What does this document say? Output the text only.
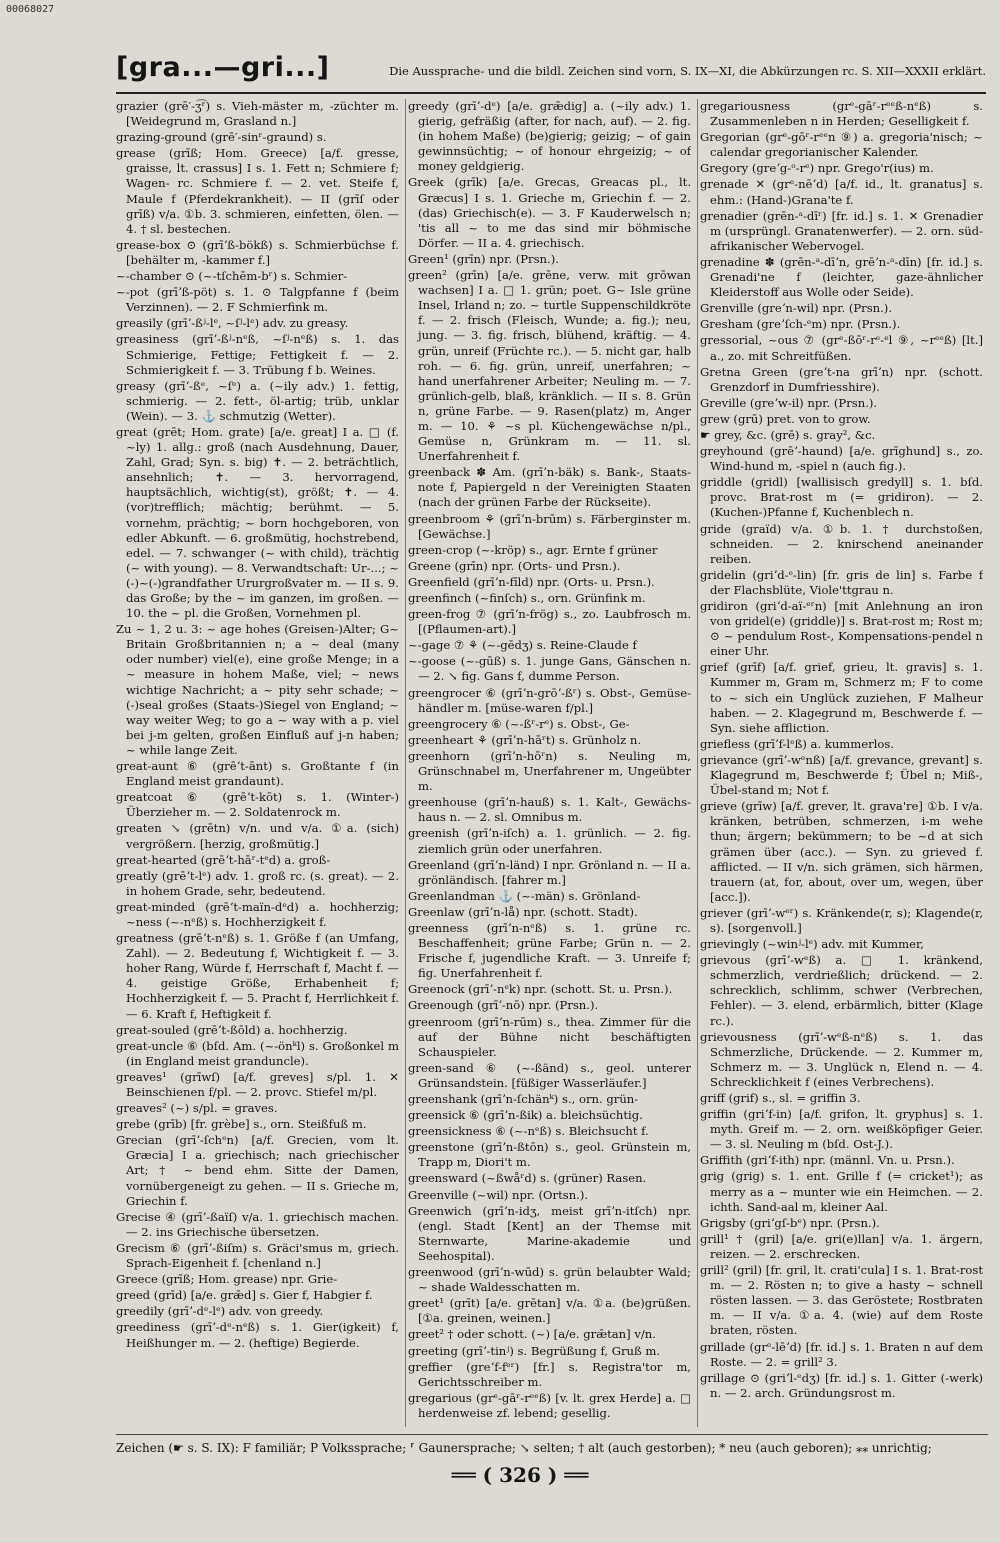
00068027
[gra...—gri...]	Die Aussprache- und die bildl. Zeichen sind vorn, S. IX—XI, die Abkürzungen rc. S. XII—XXXII erklärt.

grazier (grē′-ʒ͡ʳ) s. Vieh-mäster m, -züchter m. [Weidegrund m, Grasland n.]

grazing-ground (grē′-sinʳ-graund) s.

grease (grīß; Hom. Greece) [a/f. gresse, graisse, lt. crassus] I s. 1. Fett n; Schmiere f; Wagen- rc. Schmiere f. — 2. vet. Steife f, Maule f (Pferdekrankheit). — II (grīſ oder grīß) v/a. ①b. 3. schmieren, einfetten, ölen. — 4. † sl. bestechen.

grease-box ⊙ (grīʼß-bökß) s. Schmierbüchse f. [behälter m, -kammer f.]

~-chamber ⊙ (~-tſchēm-bʳ) s. Schmier-

~-pot (grīʼß-pöt) s. 1. ⊙ Talgpfanne f (beim Verzinnen). — 2. F Schmierfink m.

greasily (grīʼ-ßʲ-lᵉ, ~ſʲ-lᵉ) adv. zu greasy.

greasiness (grīʼ-ßʲ-nᵉß, ~ſʲ-nᵉß) s. 1. das Schmierige, Fettige; Fettigkeit f. — 2. Schmierigkeit f. — 3. Trübung f b. Weines.

greasy (grīʼ-ßᵉ, ~ſᵉ) a. (~ily adv.) 1. fettig, schmierig. — 2. fett-, öl-artig; trüb, unklar (Wein). — 3. ⚓ schmutzig (Wetter).

great (grēt; Hom. grate) [a/e. great] I a. □ (f. ~ly) 1. allg.: groß (nach Ausdehnung, Dauer, Zahl, Grad; Syn. s. big) ✝. — 2. beträchtlich, ansehnlich; ✝. — 3. hervorragend, hauptsächlich, wichtig(st), größt; ✝. — 4. (vor)trefflich; mächtig; berühmt. — 5. vornehm, prächtig; ~ born hochgeboren, von edler Abkunft. — 6. großmütig, hochstrebend, edel. — 7. schwanger (~ with child), trächtig (~ with young). — 8. Verwandtschaft: Ur-...; ~(-)~(-)grandfather Ururgroßvater m. — II s. 9. das Große; by the ~ im ganzen, im großen. — 10. the ~ pl. die Großen, Vornehmen pl.

Zu ~ 1, 2 u. 3: ~ age hohes (Greisen-)Alter; G~ Britain Großbritannien n; a ~ deal (many oder number) viel(e), eine große Menge; in a ~ measure in hohem Maße, viel; ~ news wichtige Nachricht; a ~ pity sehr schade; ~(-)seal großes (Staats-)Siegel von England; ~ way weiter Weg; to go a ~ way with a p. viel bei j-m gelten, großen Einfluß auf j-n haben; ~ while lange Zeit.

great-aunt ⑥ (grēʼt-ānt) s. Großtante f (in England meist grandaunt).

greatcoat ⑥ (grēʼt-kōt) s. 1. (Winter-) Überzieher m. — 2. Soldatenrock m.

greaten ↘ (grētn) v/n. und v/a. ①a. (sich) vergrößern. [herzig, großmütig.]

great-hearted (grēʼt-hāʳ-tᵉd) a. groß-

greatly (grēʼt-lᵉ) adv. 1. groß rc. (s. great). — 2. in hohem Grade, sehr, bedeutend.

great-minded (grēʼt-maïn-dᵉd) a. hochherzig; ~ness (~-nᵉß) s. Hochherzigkeit f.

greatness (grēʼt-nᵉß) s. 1. Größe f (an Umfang, Zahl). — 2. Bedeutung f, Wichtigkeit f. — 3. hoher Rang, Würde f, Herrschaft f, Macht f. — 4. geistige Größe, Erhabenheit f; Hochherzigkeit f. — 5. Pracht f, Herrlichkeit f. — 6. Kraft f, Heftigkeit f.

great-souled (grēʼt-ßōld) a. hochherzig.

great-uncle ⑥ (bſd. Am. (~-önᵏl) s. Großonkel m (in England meist granduncle).

greaves¹ (grīwſ) [a/f. greves] s/pl. 1. ✕ Beinschienen f/pl. — 2. provc. Stiefel m/pl.

greaves² (~) s/pl. = graves.

grebe (grīb) [fr. grèbe] s., orn. Steißfuß m.

Grecian (grīʼ-ſchᵉn) [a/f. Grecien, vom lt. Græcia] I a. griechisch; nach griechischer Art; † ~ bend ehm. Sitte der Damen, vornübergeneigt zu gehen. — II s. Grieche m, Griechin f.

Grecise ④ (grīʼ-ßaïſ) v/a. 1. griechisch machen. — 2. ins Griechische übersetzen.

Grecism ⑥ (grīʼ-ßiſm) s. Gräci'smus m, griech. Sprach-Eigenheit f. [chenland n.]

Greece (grīß; Hom. grease) npr. Grie-

greed (grīd) [a/e. grǣd] s. Gier f, Habgier f.

greedily (grīʼ-dᵉ-lᵉ) adv. von greedy.

greediness (grīʼ-dᵉ-nᵉß) s. 1. Gier(igkeit) f, Heißhunger m. — 2. (heftige) Begierde.

greedy (grīʼ-dᵉ) [a/e. grǣdig] a. (~ily adv.) 1. gierig, gefräßig (after, for nach, auf). — 2. fig. (in hohem Maße) (be)gierig; geizig; ~ of gain gewinnsüchtig; ~ of honour ehrgeizig; ~ of money geldgierig.

Greek (grīk) [a/e. Grecas, Greacas pl., lt. Græcus] I s. 1. Grieche m, Griechin f. — 2. (das) Griechisch(e). — 3. F Kauderwelsch n; 'tis all ~ to me das sind mir böhmische Dörfer. — II a. 4. griechisch.

Green¹ (grīn) npr. (Prsn.).

green² (grīn) [a/e. grēne, verw. mit grōwan wachsen] I a. □ 1. grün; poet. G~ Isle grüne Insel, Irland n; zo. ~ turtle Suppenschildkröte f. — 2. frisch (Fleisch, Wunde; a. fig.); neu, jung. — 3. fig. frisch, blühend, kräftig. — 4. grün, unreif (Früchte rc.). — 5. nicht gar, halb roh. — 6. fig. grün, unreif, unerfahren; ~ hand unerfahrener Arbeiter; Neuling m. — 7. grünlich-gelb, blaß, kränklich. — II s. 8. Grün n, grüne Farbe. — 9. Rasen(platz) m, Anger m. — 10. ⚘ ~s pl. Küchengewächse n/pl., Gemüse n, Grünkram m. — 11. sl. Unerfahrenheit f.

greenback ✽ Am. (grīʼn-bäk) s. Bank-, Staats-note f, Papiergeld n der Vereinigten Staaten (nach der grünen Farbe der Rückseite).

greenbroom ⚘ (grīʼn-brūm) s. Färberginster m. [Gewächse.]

green-crop (~-kröp) s., agr. Ernte f grüner

Greene (grīn) npr. (Orts- und Prsn.).

Greenfield (grīʼn-fīld) npr. (Orts- u. Prsn.).

greenfinch (~finſch) s., orn. Grünfink m.

green-frog ⑦ (grīʼn-frög) s., zo. Laubfrosch m. [(Pflaumen-art).]

~-gage ⑦ ⚘ (~-gēdʒ) s. Reine-Claude f

~-goose (~-gūß) s. 1. junge Gans, Gänschen n. — 2. ↘ fig. Gans f, dumme Person.

greengrocer ⑥ (grīʼn-grōʼ-ßʳ) s. Obst-, Gemüse-händler m. [müse-waren f/pl.]

greengrocery ⑥ (~-ßʳ-rᵉ) s. Obst-, Ge-

greenheart ⚘ (grīʼn-hāʳt) s. Grünholz n.

greenhorn (grīʼn-hōʳn) s. Neuling m, Grünschnabel m, Unerfahrener m, Ungeübter m.

greenhouse (grīʼn-hauß) s. 1. Kalt-, Gewächs-haus n. — 2. sl. Omnibus m.

greenish (grīʼn-iſch) a. 1. grünlich. — 2. fig. ziemlich grün oder unerfahren.

Greenland (grīʼn-länd) I npr. Grönland n. — II a. grönländisch. [fahrer m.]

Greenlandman ⚓ (~-män) s. Grönland-

Greenlaw (grīʼn-lå) npr. (schott. Stadt).

greenness (grīʼn-nᵉß) s. 1. grüne rc. Beschaffenheit; grüne Farbe; Grün n. — 2. Frische f, jugendliche Kraft. — 3. Unreife f; fig. Unerfahrenheit f.

Greenock (grīʼ-nᵉk) npr. (schott. St. u. Prsn.).

Greenough (grīʼ-nō) npr. (Prsn.).

greenroom (grīʼn-rūm) s., thea. Zimmer für die auf der Bühne nicht beschäftigten Schauspieler.

green-sand ⑥ (~-ßänd) s., geol. unterer Grünsandstein. [füßiger Wasserläufer.]

greenshank (grīʼn-ſchänᵏ) s., orn. grün-

greensick ⑥ (grīʼn-ßik) a. bleichsüchtig.

greensickness ⑥ (~-nᵉß) s. Bleichsucht f.

greenstone (grīʼn-ßtōn) s., geol. Grünstein m, Trapp m, Diori't m.

greensward (~ßwåʳd) s. (grüner) Rasen.

Greenville (~wil) npr. (Ortsn.).

Greenwich (grīʼn-idʒ, meist grīʼn-itſch) npr. (engl. Stadt [Kent] an der Themse mit Sternwarte, Marine-akademie und Seehospital).

greenwood (grīʼn-wūd) s. grün belaubter Wald; ~ shade Waldesschatten m.

greet¹ (grīt) [a/e. grētan] v/a. ①a. (be)grüßen. [①a. greinen, weinen.]

greet² † oder schott. (~) [a/e. grǣtan] v/n.

greeting (grīʼ-tinʲ) s. Begrüßung f, Gruß m.

greffier (greʼf-fᵉʳ) [fr.] s. Registra'tor m, Gerichtsschreiber m.

gregarious (grᵉ-gāʳ-rᵉᵉß) [v. lt. grex Herde] a. □ herdenweise zf. lebend; gesellig.

gregariousness (grᵉ-gāʳ-rᵉᵉß-nᵉß) s. Zusammenleben n in Herden; Geselligkeit f.

Gregorian (grᵉ-gōʳ-rᵉᵉn ⑨) a. gregoria'nisch; ~ calendar gregorianischer Kalender.

Gregory (greʼg-ᵒ-rᵉ) npr. Grego'r(ius) m.

grenade ✕ (grᵉ-nēʼd) [a/f. id., lt. granatus] s. ehm.: (Hand-)Grana'te f.

grenadier (grēn-ᵃ-dīʳ) [fr. id.] s. 1. ✕ Grenadier m (ursprüngl. Granatenwerfer). — 2. orn. süd-afrikanischer Webervogel.

grenadine ✽ (grēn-ᵃ-dīʼn, grēʼn-ᵃ-dīn) [fr. id.] s. Grenadi'ne f (leichter, gaze-ähnlicher Kleiderstoff aus Wolle oder Seide).

Grenville (greʼn-wil) npr. (Prsn.).

Gresham (greʼſch-ᵉm) npr. (Prsn.).

gressorial, ~ous ⑦ (grᵉ-ßōʳ-rᵉ-ᵉl ⑨, ~rᵉᵉß) [lt.] a., zo. mit Schreitfüßen.

Gretna Green (greʼt-na grīʼn) npr. (schott. Grenzdorf in Dumfriesshire).

Greville (greʼw-il) npr. (Prsn.).

grew (grū) pret. von to grow.

☛ grey, &c. (grē) s. gray², &c.

greyhound (grēʼ-haund) [a/e. grīghund] s., zo. Wind-hund m, -spiel n (auch fig.).

griddle (gridl) [wallisisch gredyll] s. 1. bſd. provc. Brat-rost m (= gridiron). — 2. (Kuchen-)Pfanne f, Kuchenblech n.

gride (graïd) v/a. ①b. 1. † durchstoßen, schneiden. — 2. knirschend aneinander reiben.

gridelin (griʼd-ᵉ-lin) [fr. gris de lin] s. Farbe f der Flachsblüte, Viole'ttgrau n.

gridiron (griʼd-aï-ᵉʳn) [mit Anlehnung an iron von gridel(e) (griddle)] s. Brat-rost m; Rost m; ⊙ ~ pendulum Rost-, Kompensations-pendel n einer Uhr.

grief (grīf) [a/f. grief, grieu, lt. gravis] s. 1. Kummer m, Gram m, Schmerz m; F to come to ~ sich ein Unglück zuziehen, F Malheur haben. — 2. Klagegrund m, Beschwerde f. — Syn. siehe affliction.

griefless (grīʼf-lᵉß) a. kummerlos.

grievance (grīʼ-wᵉnß) [a/f. grevance, grevant] s. Klagegrund m, Beschwerde f; Übel n; Miß-, Übel-stand m; Not f.

grieve (grīw) [a/f. grever, lt. grava're] ①b. I v/a. kränken, betrüben, schmerzen, i-m wehe thun; ärgern; bekümmern; to be ~d at sich grämen über (acc.). — Syn. zu grieved f. afflicted. — II v/n. sich grämen, sich härmen, trauern (at, for, about, over um, wegen, über [acc.]).

griever (grīʼ-wᵉʳ) s. Kränkende(r, s); Klagende(r, s). [sorgenvoll.]

grievingly (~winʲ-lᵉ) adv. mit Kummer,

grievous (grīʼ-wᵉß) a. □ 1. kränkend, schmerzlich, verdrießlich; drückend. — 2. schrecklich, schlimm, schwer (Verbrechen, Fehler). — 3. elend, erbärmlich, bitter (Klage rc.).

grievousness (grīʼ-wᵉß-nᵉß) s. 1. das Schmerzliche, Drückende. — 2. Kummer m, Schmerz m. — 3. Unglück n, Elend n. — 4. Schrecklichkeit f (eines Verbrechens).

griff (grif) s., sl. = griffin 3.

griffin (griʼf-in) [a/f. grifon, lt. gryphus] s. 1. myth. Greif m. — 2. orn. weißköpfiger Geier. — 3. sl. Neuling m (bſd. Ost-J.).

Griffith (griʼf-ith) npr. (männl. Vn. u. Prsn.).

grig (grig) s. 1. ent. Grille f (= cricket¹); as merry as a ~ munter wie ein Heimchen. — 2. ichth. Sand-aal m, kleiner Aal.

Grigsby (griʼgſ-bᵉ) npr. (Prsn.).

grill¹ † (gril) [a/e. gri(e)llan] v/a. 1. ärgern, reizen. — 2. erschrecken.

grill² (gril) [fr. gril, lt. crati'cula] I s. 1. Brat-rost m. — 2. Rösten n; to give a hasty ~ schnell rösten lassen. — 3. das Geröstete; Rostbraten m. — II v/a. ①a. 4. (wie) auf dem Roste braten, rösten.

grillade (grᵉ-lēʼd) [fr. id.] s. 1. Braten n auf dem Roste. — 2. = grill² 3.

grillage ⊙ (griʼl-ᵉdʒ) [fr. id.] s. 1. Gitter (-werk) n. — 2. arch. Gründungsrost m.

Zeichen (☛ s. S. IX): F familiär; P Volkssprache; ⸢ Gaunersprache; ↘ selten; † alt (auch gestorben); * neu (auch geboren); ⁎⁎ unrichtig;
══ ( 326 ) ══
